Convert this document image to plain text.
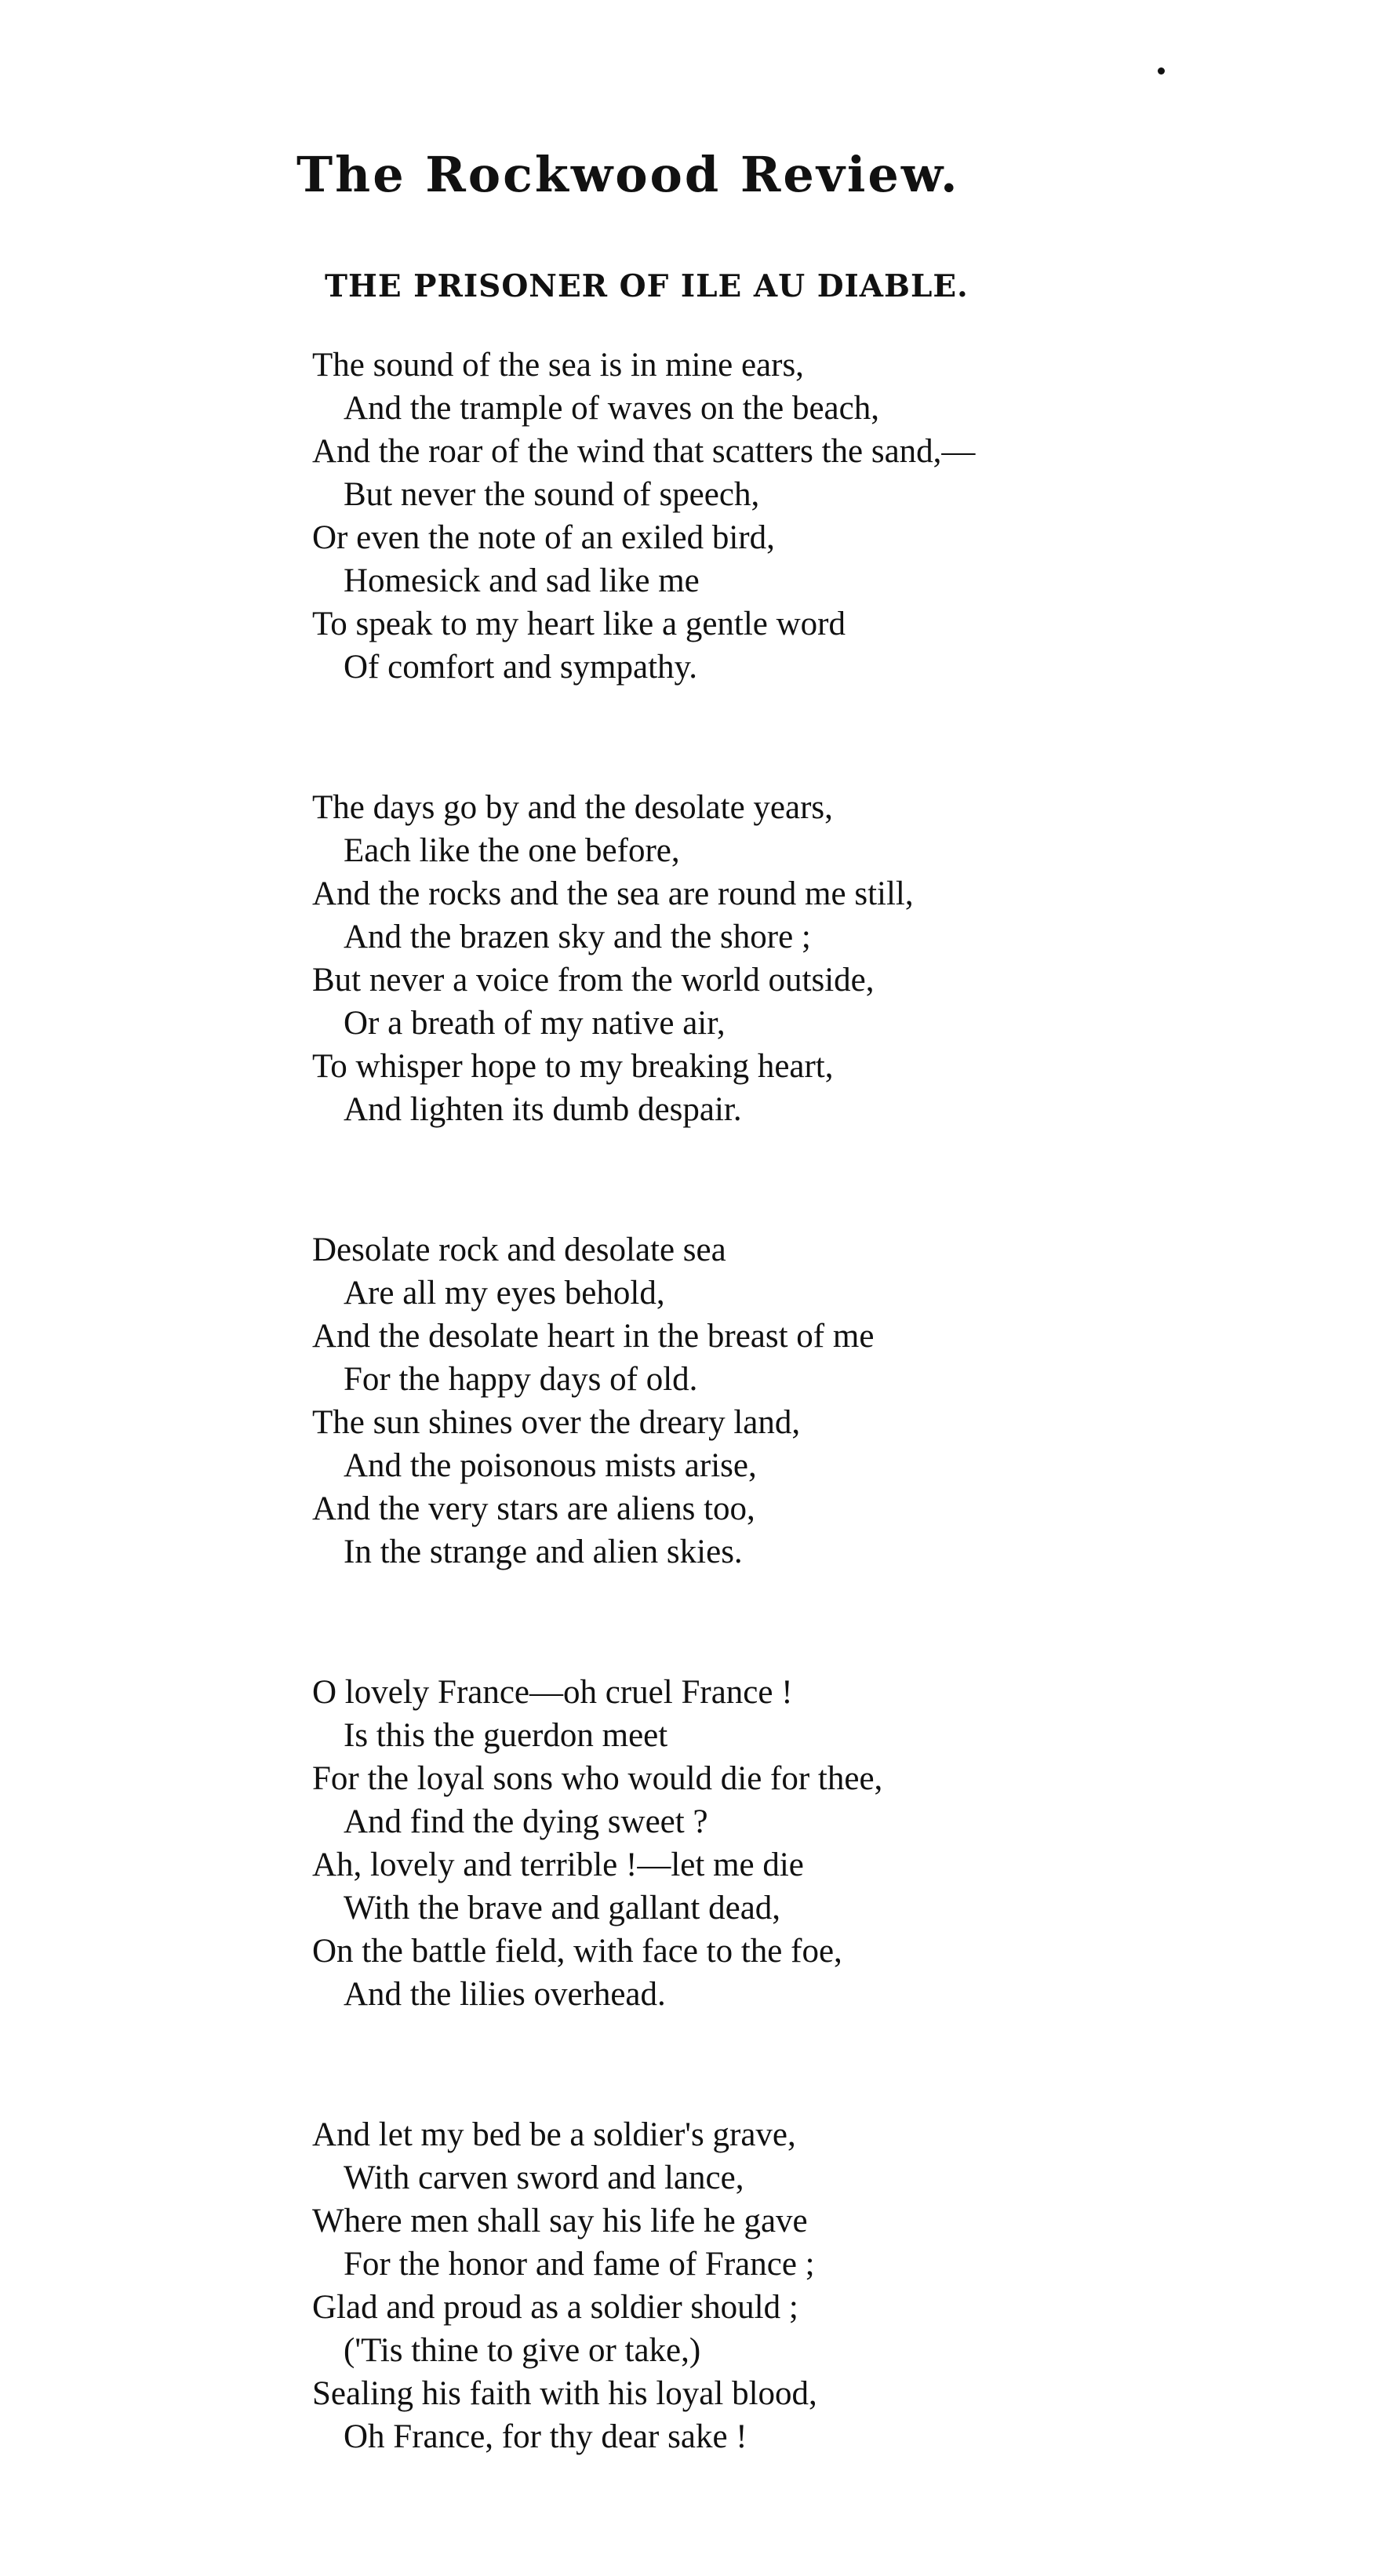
The Rockwood Review.
THE PRISONER OF ILE AU DIABLE.
The sound of the sea is in mine ears,
And the trample of waves on the beach,
And the roar of the wind that scatters the sand,—
But never the sound of speech,
Or even the note of an exiled bird,
Homesick and sad like me
To speak to my heart like a gentle word
Of comfort and sympathy.
The days go by and the desolate years,
Each like the one before,
And the rocks and the sea are round me still,
And the brazen sky and the shore ;
But never a voice from the world outside,
Or a breath of my native air,
To whisper hope to my breaking heart,
And lighten its dumb despair.
Desolate rock and desolate sea
Are all my eyes behold,
And the desolate heart in the breast of me
For the happy days of old.
The sun shines over the dreary land,
And the poisonous mists arise,
And the very stars are aliens too,
In the strange and alien skies.
O lovely France—oh cruel France !
Is this the guerdon meet
For the loyal sons who would die for thee,
And find the dying sweet ?
Ah, lovely and terrible !—let me die
With the brave and gallant dead,
On the battle field, with face to the foe,
And the lilies overhead.
And let my bed be a soldier's grave,
With carven sword and lance,
Where men shall say his life he gave
For the honor and fame of France ;
Glad and proud as a soldier should ;
('Tis thine to give or take,)
Sealing his faith with his loyal blood,
Oh France, for thy dear sake !
